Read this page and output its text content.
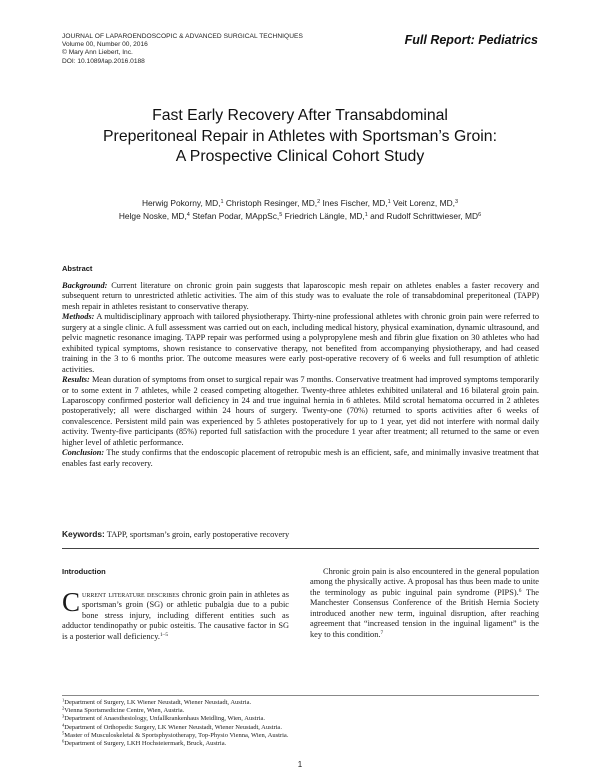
JOURNAL OF LAPAROENDOSCOPIC & ADVANCED SURGICAL TECHNIQUES
Volume 00, Number 00, 2016
© Mary Ann Liebert, Inc.
DOI: 10.1089/lap.2016.0188
Full Report: Pediatrics
Fast Early Recovery After Transabdominal
Preperitoneal Repair in Athletes with Sportsman’s Groin:
A Prospective Clinical Cohort Study
Herwig Pokorny, MD,$^1$ Christoph Resinger, MD,$^2$ Ines Fischer, MD,$^1$ Veit Lorenz, MD,$^3$
Helge Noske, MD,$^4$ Stefan Podar, MAppSc,$^5$ Friedrich Längle, MD,$^1$ and Rudolf Schrittwieser, $MD^6$
Abstract
Background: Current literature on chronic groin pain suggests that laparoscopic mesh repair on athletes enables a faster recovery and subsequent return to unrestricted athletic activities. The aim of this study was to evaluate the role of transabdominal preperitoneal (TAPP) mesh repair in athletes resistant to conservative therapy.
Methods: A multidisciplinary approach with tailored physiotherapy. Thirty-nine professional athletes with chronic groin pain were referred to surgery at a single clinic. A full assessment was carried out on each, including medical history, physical examination, dynamic ultrasound, and pelvic magnetic resonance imaging. TAPP repair was performed using a polypropylene mesh and fibrin glue fixation on 30 athletes who had exhibited typical symptoms, shown resistance to conservative therapy, not benefited from accompanying physiotherapy, and had ceased training in the 3 to 6 months prior. The outcome measures were early post-operative recovery of 6 weeks and full resumption of athletic activities.
Results: Mean duration of symptoms from onset to surgical repair was 7 months. Conservative treatment had improved symptoms temporarily or to some extent in 7 athletes, while 2 ceased competing altogether. Twenty-three athletes exhibited unilateral and 16 bilateral groin pain. Laparoscopy confirmed posterior wall deficiency in 24 and true inguinal hernia in 6 athletes. Mild scrotal hematoma occurred in 2 athletes postoperatively; all were discharged within 24 hours of surgery. Twenty-one (70%) returned to sports activities after 6 weeks of convalescence. Persistent mild pain was experienced by 5 athletes postoperatively for up to 1 year, yet did not interfere with normal daily activity. Twenty-five participants (85%) reported full satisfaction with the procedure 1 year after treatment; all returned to the same or even higher level of athletic performance.
Conclusion: The study confirms that the endoscopic placement of retropubic mesh is an efficient, safe, and minimally invasive treatment that enables fast early recovery.
Keywords: TAPP, sportsman’s groin, early postoperative recovery
Introduction
Current literature describes chronic groin pain in athletes as sportsman’s groin (SG) or athletic pubalgia due to a pubic bone stress injury, including different entities such as adductor tendinopathy or pubic osteitis. The causative factor in SG is a posterior wall deficiency.$^{1-5}$
Chronic groin pain is also encountered in the general population among the physically active. A proposal has thus been made to unite the terminology as pubic inguinal pain syndrome (PIPS).$^6$ The Manchester Consensus Conference of the British Hernia Society introduced another new term, inguinal disruption, after reaching agreement that “increased tension in the inguinal ligament” is the key to this condition.$^7$
$^1$Department of Surgery, LK Wiener Neustadt, Wiener Neustadt, Austria.
$^2$Vienna Sportsmedicine Centre, Wien, Austria.
$^3$Department of Anaesthesiology, Unfallkrankenhaus Meidling, Wien, Austria.
$^4$Department of Orthopedic Surgery, LK Wiener Neustadt, Wiener Neustadt, Austria.
$^5$Master of Musculoskeletal & Sportsphysiotherapy, Top-Physio Vienna, Wien, Austria.
$^6$Department of Surgery, LKH Hochsteiermark, Bruck, Austria.
1
